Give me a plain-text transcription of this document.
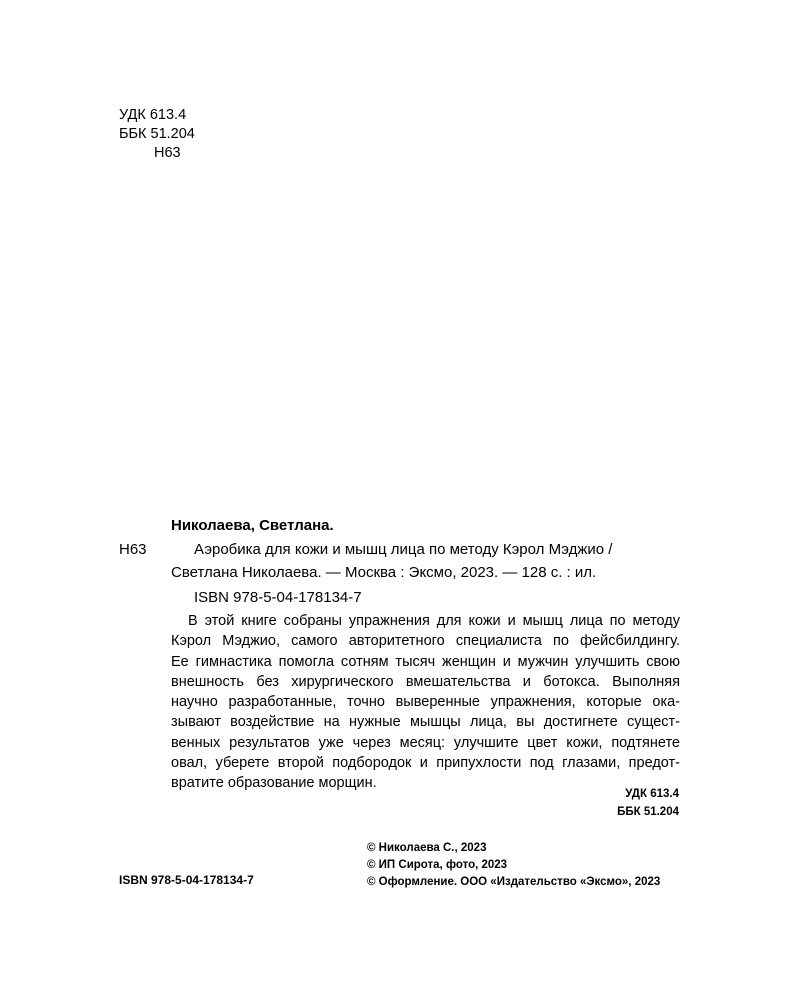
УДК 613.4
ББК 51.204
Н63
Николаева, Светлана.
Н63	Аэробика для кожи и мышц лица по методу Кэрол Мэджио /
Светлана Николаева. — Москва : Эксмо, 2023. — 128 с. : ил.
ISBN 978-5-04-178134-7
В этой книге собраны упражнения для кожи и мышц лица по методу
Кэрол Мэджио, самого авторитетного специалиста по фейсбилдингу.
Ее гимнастика помогла сотням тысяч женщин и мужчин улучшить свою
внешность без хирургического вмешательства и ботокса. Выполняя
научно разработанные, точно выверенные упражнения, которые ока-
зывают воздействие на нужные мышцы лица, вы достигнете сущест-
венных результатов уже через месяц: улучшите цвет кожи, подтянете
овал, уберете второй подбородок и припухлости под глазами, предот-
вратите образование морщин.
УДК 613.4
ББК 51.204
ISBN 978-5-04-178134-7
© Николаева С., 2023
© ИП Сирота, фото, 2023
© Оформление. ООО «Издательство «Эксмо», 2023
